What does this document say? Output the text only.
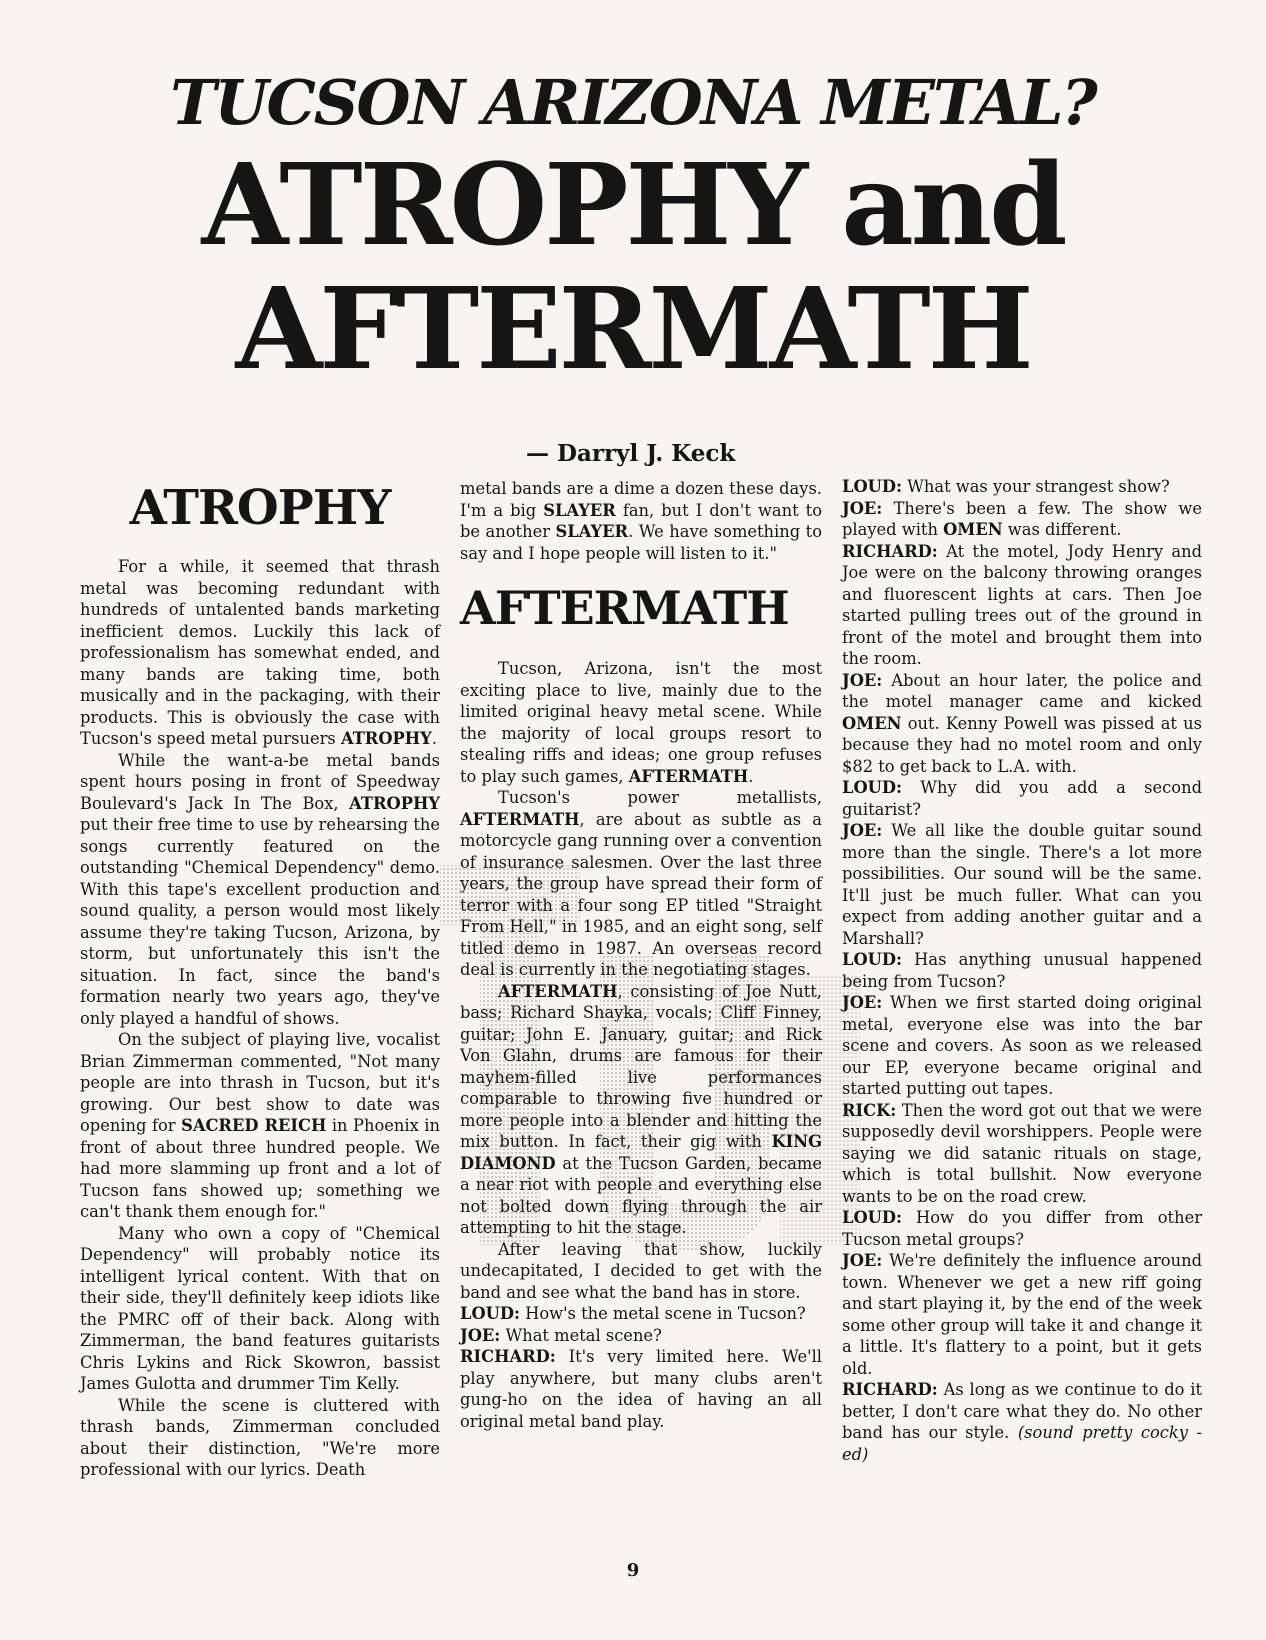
TUCSON ARIZONA METAL?
ATROPHY and
AFTERMATH
— Darryl J. Keck
ATROPHY

For a while, it seemed that thrash metal was becoming redundant with hundreds of untalented bands marketing inefficient demos. Luckily this lack of professionalism has somewhat ended, and many bands are taking time, both musically and in the packaging, with their products. This is obviously the case with Tucson's speed metal pursuers ATROPHY.

While the want-a-be metal bands spent hours posing in front of Speedway Boulevard's Jack In The Box, ATROPHY put their free time to use by rehearsing the songs currently featured on the outstanding "Chemical Dependency" demo. With this tape's excellent production and sound quality, a person would most likely assume they're taking Tucson, Arizona, by storm, but unfortunately this isn't the situation. In fact, since the band's formation nearly two years ago, they've only played a handful of shows.

On the subject of playing live, vocalist Brian Zimmerman commented, "Not many people are into thrash in Tucson, but it's growing. Our best show to date was opening for SACRED REICH in Phoenix in front of about three hundred people. We had more slamming up front and a lot of Tucson fans showed up; something we can't thank them enough for."

Many who own a copy of "Chemical Dependency" will probably notice its intelligent lyrical content. With that on their side, they'll definitely keep idiots like the PMRC off of their back. Along with Zimmerman, the band features guitarists Chris Lykins and Rick Skowron, bassist James Gulotta and drummer Tim Kelly.

While the scene is cluttered with thrash bands, Zimmerman concluded about their distinction, "We're more professional with our lyrics. Death

metal bands are a dime a dozen these days. I'm a big SLAYER fan, but I don't want to be another SLAYER. We have something to say and I hope people will listen to it."

AFTERMATH

Tucson, Arizona, isn't the most exciting place to live, mainly due to the limited original heavy metal scene. While the majority of local groups resort to stealing riffs and ideas; one group refuses to play such games, AFTERMATH.

Tucson's power metallists, AFTERMATH, are about as subtle as a motorcycle gang running over a convention of insurance salesmen. Over the last three years, the group have spread their form of terror with a four song EP titled "Straight From Hell," in 1985, and an eight song, self titled demo in 1987. An overseas record deal is currently in the negotiating stages.

AFTERMATH, consisting of Joe Nutt, bass; Richard Shayka, vocals; Cliff Finney, guitar; John E. January, guitar; and Rick Von Glahn, drums are famous for their mayhem-filled live performances comparable to throwing five hundred or more people into a blender and hitting the mix button. In fact, their gig with KING DIAMOND at the Tucson Garden, became a near riot with people and everything else not bolted down flying through the air attempting to hit the stage.

After leaving that show, luckily undecapitated, I decided to get with the band and see what the band has in store.

LOUD: How's the metal scene in Tucson?

JOE: What metal scene?

RICHARD: It's very limited here. We'll play anywhere, but many clubs aren't gung-ho on the idea of having an all original metal band play.

LOUD: What was your strangest show?

JOE: There's been a few. The show we played with OMEN was different.

RICHARD: At the motel, Jody Henry and Joe were on the balcony throwing oranges and fluorescent lights at cars. Then Joe started pulling trees out of the ground in front of the motel and brought them into the room.

JOE: About an hour later, the police and the motel manager came and kicked OMEN out. Kenny Powell was pissed at us because they had no motel room and only $82 to get back to L.A. with.

LOUD: Why did you add a second guitarist?

JOE: We all like the double guitar sound more than the single. There's a lot more possibilities. Our sound will be the same. It'll just be much fuller. What can you expect from adding another guitar and a Marshall?

LOUD: Has anything unusual happened being from Tucson?

JOE: When we first started doing original metal, everyone else was into the bar scene and covers. As soon as we released our EP, everyone became original and started putting out tapes.

RICK: Then the word got out that we were supposedly devil worshippers. People were saying we did satanic rituals on stage, which is total bullshit. Now everyone wants to be on the road crew.

LOUD: How do you differ from other Tucson metal groups?

JOE: We're definitely the influence around town. Whenever we get a new riff going and start playing it, by the end of the week some other group will take it and change it a little. It's flattery to a point, but it gets old.

RICHARD: As long as we continue to do it better, I don't care what they do. No other band has our style. (sound pretty cocky - ed)

9
